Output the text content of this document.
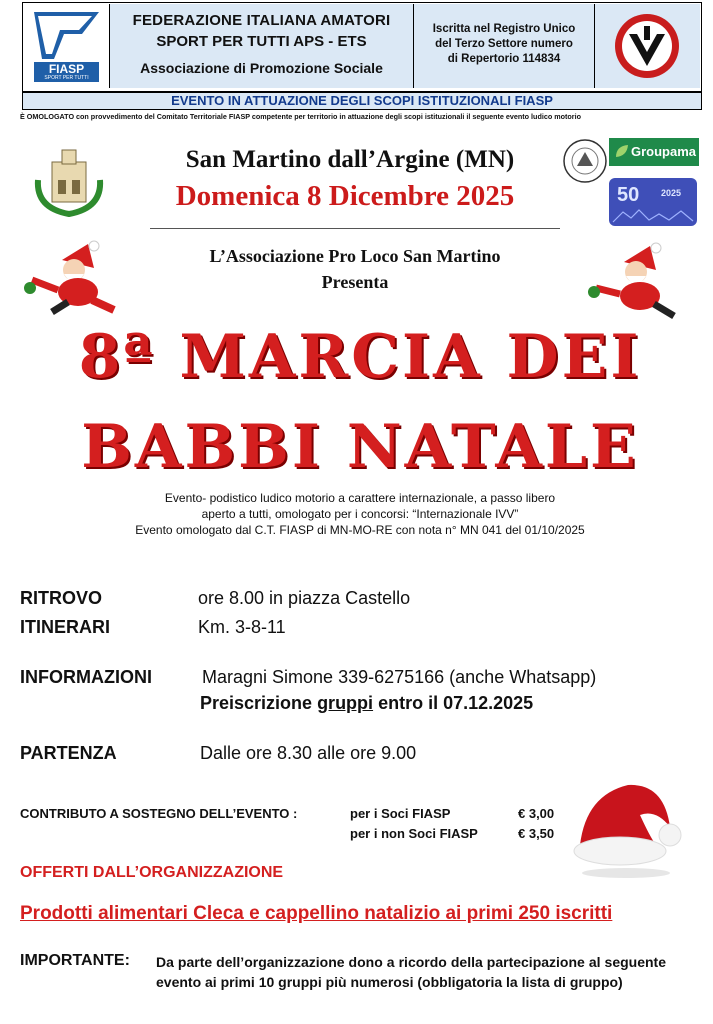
FIASP
SPORT PER TUTTI
FEDERAZIONE ITALIANA AMATORI
SPORT PER TUTTI APS - ETS
Associazione di Promozione Sociale
Iscritta nel Registro Unico
del Terzo Settore numero
di Repertorio 114834
EVENTO IN ATTUAZIONE DEGLI SCOPI ISTITUZIONALI FIASP
È OMOLOGATO con provvedimento del Comitato Territoriale FIASP competente per territorio in attuazione degli scopi istituzionali il seguente evento ludico motorio
San Martino dall’Argine (MN)
Domenica 8 Dicembre 2025
Groupama
50 2025
L’Associazione Pro Loco San Martino
Presenta
8ª MARCIA DEI
BABBI NATALE
Evento- podistico ludico motorio a carattere internazionale, a passo libero
aperto a tutti, omologato per i concorsi: “Internazionale IVV”
Evento omologato dal C.T. FIASP di MN-MO-RE con nota n° MN 041 del 01/10/2025
RITROVO	ore 8.00 in piazza Castello
ITINERARI	Km. 3-8-11
INFORMAZIONI	Maragni Simone 339-6275166 (anche Whatsapp)
Preiscrizione gruppi entro il 07.12.2025
PARTENZA	Dalle ore 8.30 alle ore 9.00
CONTRIBUTO A SOSTEGNO DELL’EVENTO :	per i Soci FIASP	€ 3,00
per i non Soci FIASP	€ 3,50
OFFERTI DALL’ORGANIZZAZIONE
Prodotti alimentari Cleca e cappellino natalizio ai primi 250 iscritti
IMPORTANTE: Da parte dell’organizzazione dono a ricordo della partecipazione al seguente evento ai primi 10 gruppi più numerosi (obbligatoria la lista di gruppo)
